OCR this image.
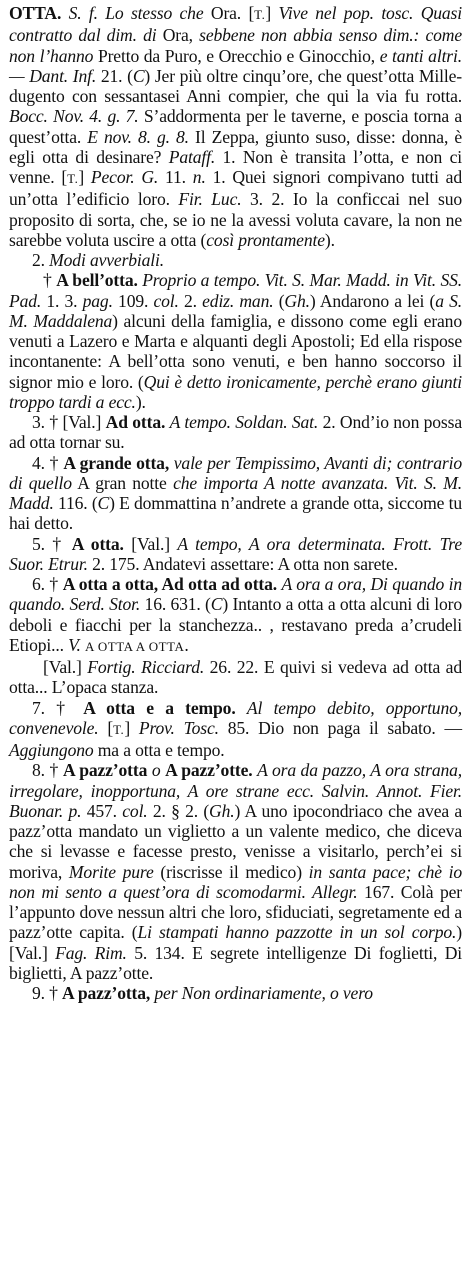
OTTA. S. f. Lo stesso che Ora. [T.] Vive nel pop. tosc. Quasi contratto dal dim. di Ora, sebbene non abbia senso dim.: come non l’hanno Pretto da Puro, e Orecchio e Ginocchio, e tanti altri. — Dant. Inf. 21. (C) Jer più oltre cinqu’ore, che quest’otta Mille-dugento con sessantasei Anni compier, che qui la via fu rotta. Bocc. Nov. 4. g. 7. S’addormenta per le taverne, e poscia torna a quest’otta. E nov. 8. g. 8. Il Zeppa, giunto suso, disse: donna, è egli otta di desinare? Pataff. 1. Non è transita l’otta, e non ci venne. [T.] Pecor. G. 11. n. 1. Quei signori compivano tutti ad un’otta l’edificio loro. Fir. Luc. 3. 2. Io la conficcai nel suo proposito di sorta, che, se io ne la avessi voluta cavare, la non ne sarebbe voluta uscire a otta (così prontamente).

2. Modi avverbiali.

† A bell’otta. Proprio a tempo. Vit. S. Mar. Madd. in Vit. SS. Pad. 1. 3. pag. 109. col. 2. ediz. man. (Gh.) Andarono a lei (a S. M. Maddalena) alcuni della famiglia, e dissono come egli erano venuti a Lazero e Marta e alquanti degli Apostoli; Ed ella rispose incontanente: A bell’otta sono venuti, e ben hanno soccorso il signor mio e loro. (Qui è detto ironicamente, perchè erano giunti troppo tardi a ecc.).

3. † [Val.] Ad otta. A tempo. Soldan. Sat. 2. Ond’io non possa ad otta tornar su.

4. † A grande otta, vale per Tempissimo, Avanti di; contrario di quello A gran notte che importa A notte avanzata. Vit. S. M. Madd. 116. (C) E dommattina n’andrete a grande otta, siccome tu hai detto.

5. † A otta. [Val.] A tempo, A ora determinata. Frott. Tre Suor. Etrur. 2. 175. Andatevi assettare: A otta non sarete.

6. † A otta a otta, Ad otta ad otta. A ora a ora, Di quando in quando. Serd. Stor. 16. 631. (C) Intanto a otta a otta alcuni di loro deboli e fiacchi per la stanchezza.. , restavano preda a’crudeli Etiopi... V. A OTTA A OTTA.

[Val.] Fortig. Ricciard. 26. 22. E quivi si vedeva ad otta ad otta... L’opaca stanza.

7. † A otta e a tempo. Al tempo debito, opportuno, convenevole. [T.] Prov. Tosc. 85. Dio non paga il sabato. — Aggiungono ma a otta e tempo.

8. † A pazz’otta o A pazz’otte. A ora da pazzo, A ora strana, irregolare, inopportuna, A ore strane ecc. Salvin. Annot. Fier. Buonar. p. 457. col. 2. § 2. (Gh.) A uno ipocondriaco che avea a pazz’otta mandato un viglietto a un valente medico, che diceva che si levasse e facesse presto, venisse a visitarlo, perch’ei si moriva, Morite pure (riscrisse il medico) in santa pace; chè io non mi sento a quest’ora di scomodarmi. Allegr. 167. Colà per l’appunto dove nessun altri che loro, sfiduciati, segretamente ed a pazz’otte capita. (Li stampati hanno pazzotte in un sol corpo.) [Val.] Fag. Rim. 5. 134. E segrete intelligenze Di foglietti, Di biglietti, A pazz’otte.

9. † A pazz’otta, per Non ordinariamente, o vero
